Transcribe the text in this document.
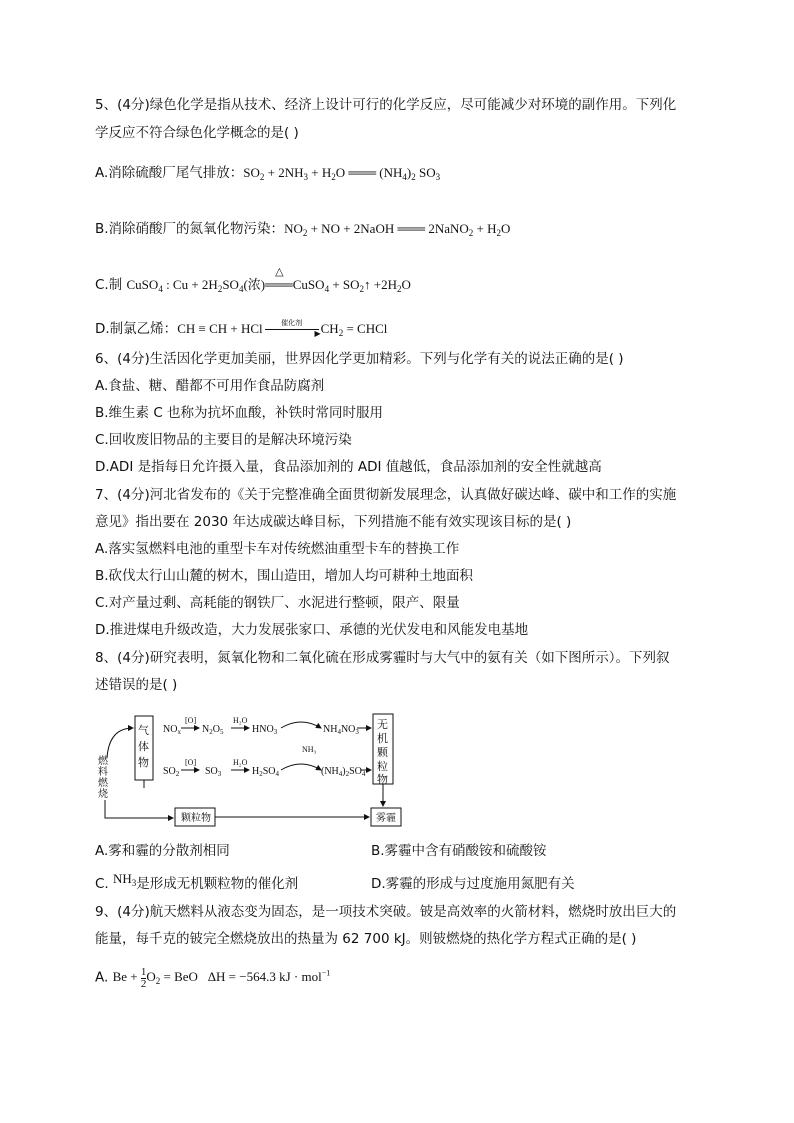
5、(4分)绿色化学是指从技术、经济上设计可行的化学反应，尽可能减少对环境的副作用。下列化
学反应不符合绿色化学概念的是( )
A.消除硫酸厂尾气排放：$SO_2 + 2NH_3 + H_2O$ ═══ $(NH_4)_2$ $SO_3$
B.消除硝酸厂的氮氧化物污染：$NO_2$ + NO + 2NaOH ═══ 2NaNO$_2$ + $H_2O$
C.制 CuSO$_4$ : $Cu + 2H_2SO_4$(浓)
△
═══CuSO$_4$ + $SO_2↑ +2H_2O$
D.制氯乙烯：CH ≡ CH + HCl	$^{催化剂}$
▶ $CH_2$ = CHCl
6、(4分)生活因化学更加美丽，世界因化学更加精彩。下列与化学有关的说法正确的是( )
A.食盐、糖、醋都不可用作食品防腐剂
B.维生素 C 也称为抗坏血酸，补铁时常同时服用
C.回收废旧物品的主要目的是解决环境污染
D.ADI 是指每日允许摄入量，食品添加剂的 ADI 值越低，食品添加剂的安全性就越高
7、(4分)河北省发布的《关于完整准确全面贯彻新发展理念，认真做好碳达峰、碳中和工作的实施
意见》指出要在 2030 年达成碳达峰目标，下列措施不能有效实现该目标的是( )
A.落实氢燃料电池的重型卡车对传统燃油重型卡车的替换工作
B.砍伐太行山山麓的树木，围山造田，增加人均可耕种土地面积
C.对产量过剩、高耗能的钢铁厂、水泥进行整顿，限产、限量
D.推进煤电升级改造，大力发展张家口、承德的光伏发电和风能发电基地
8、(4分)研究表明，氮氧化物和二氧化硫在形成雾霾时与大气中的氨有关（如下图所示）。下列叙
述错误的是( )
气体物
无机颗粒物
燃料燃烧
颗粒物	雾霾
$NO_x$
[O]
$N_2O_5$
H₂O
$HNO_3$	$NH_4NO_3$
NH₃
$SO_2$
[O]
$SO_3$
H₂O
$H_2SO_4$	$(NH_4)_2SO_4$
A.雾和霾的分散剂相同	B.雾霾中含有硝酸铵和硫酸铵
C. $NH_3$是形成无机颗粒物的催化剂	D.雾霾的形成与过度施用氮肥有关
9、(4分)航天燃料从液态变为固态，是一项技术突破。铍是高效率的火箭材料，燃烧时放出巨大的
能量，每千克的铍完全燃烧放出的热量为 62 700 kJ。则铍燃烧的热化学方程式正确的是( )
A. $Be + \frac{1}{2} O_2$ = BeO   ΔH = −564.3 kJ · mol$^{-1}$
